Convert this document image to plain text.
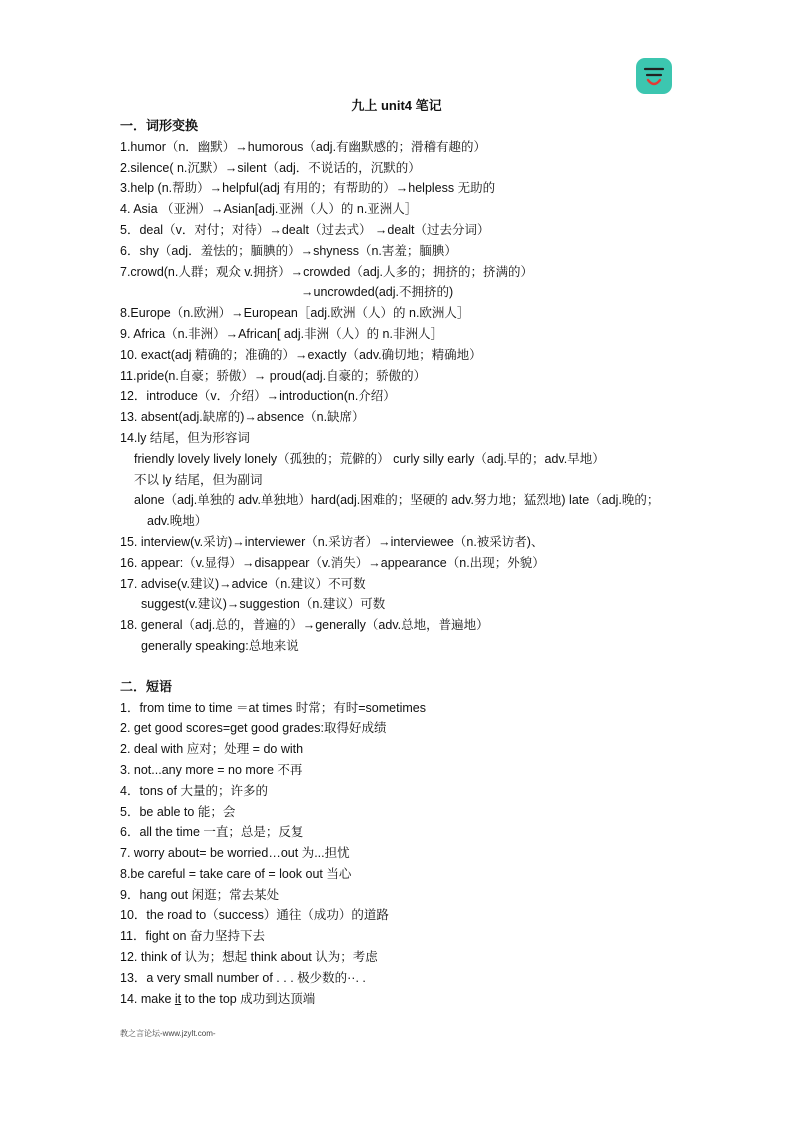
九上 unit4 笔记
一．词形变换
1.humor（n．幽默）→humorous（adj.有幽默感的；滑稽有趣的）
2.silence( n.沉默）→silent（adj．不说话的，沉默的）
3.help (n.帮助）→helpful(adj 有用的；有帮助的）→helpless 无助的
4. Asia （亚洲）→Asian[adj.亚洲（人）的 n.亚洲人］
5．deal（v．对付；对待）→dealt（过去式） →dealt（过去分词）
6．shy（adj．羞怯的；腼腆的）→shyness（n.害羞；腼腆）
7.crowd(n.人群；观众 v.拥挤）→crowded（adj.人多的；拥挤的；挤满的）
→uncrowded(adj.不拥挤的)
8.Europe（n.欧洲）→European［adj.欧洲（人）的 n.欧洲人］
9. Africa（n.非洲）→African[ adj.非洲（人）的 n.非洲人］
10. exact(adj 精确的；准确的）→exactly（adv.确切地；精确地）
11.pride(n.自豪；骄傲）→ proud(adj.自豪的；骄傲的）
12．introduce（v．介绍）→introduction(n.介绍）
13. absent(adj.缺席的)→absence（n.缺席）
14.ly 结尾，但为形容词
friendly lovely lively lonely（孤独的；荒僻的） curly silly early（adj.早的；adv.早地）
不以 ly 结尾，但为副词
alone（adj.单独的 adv.单独地）hard(adj.困难的；坚硬的 adv.努力地；猛烈地) late（adj.晚的；adv.晚地）
15. interview(v.采访)→interviewer（n.采访者）→interviewee（n.被采访者)、
16. appear:（v.显得）→disappear（v.消失）→appearance（n.出现；外貌）
17. advise(v.建议)→advice（n.建议）不可数
suggest(v.建议)→suggestion（n.建议）可数
18. general（adj.总的，普遍的）→generally（adv.总地，普遍地）
generally speaking:总地来说
二．短语
1．from time to time ＝at times 时常；有时=sometimes
2. get good scores=get good grades:取得好成绩
2. deal with 应对；处理 = do with
3. not...any more = no more 不再
4．tons of 大量的；许多的
5．be able to 能；会
6．all the time 一直；总是；反复
7. worry about= be worried…out 为...担忧
8.be careful = take care of = look out 当心
9．hang out 闲逛；常去某处
10．the road to（success）通往（成功）的道路
11．fight on 奋力坚持下去
12. think of 认为；想起 think about 认为；考虑
13．a very small number of . . . 极少数的··. .
14. make it to the top 成功到达顶端
教之言论坛-www.jzylt.com-
